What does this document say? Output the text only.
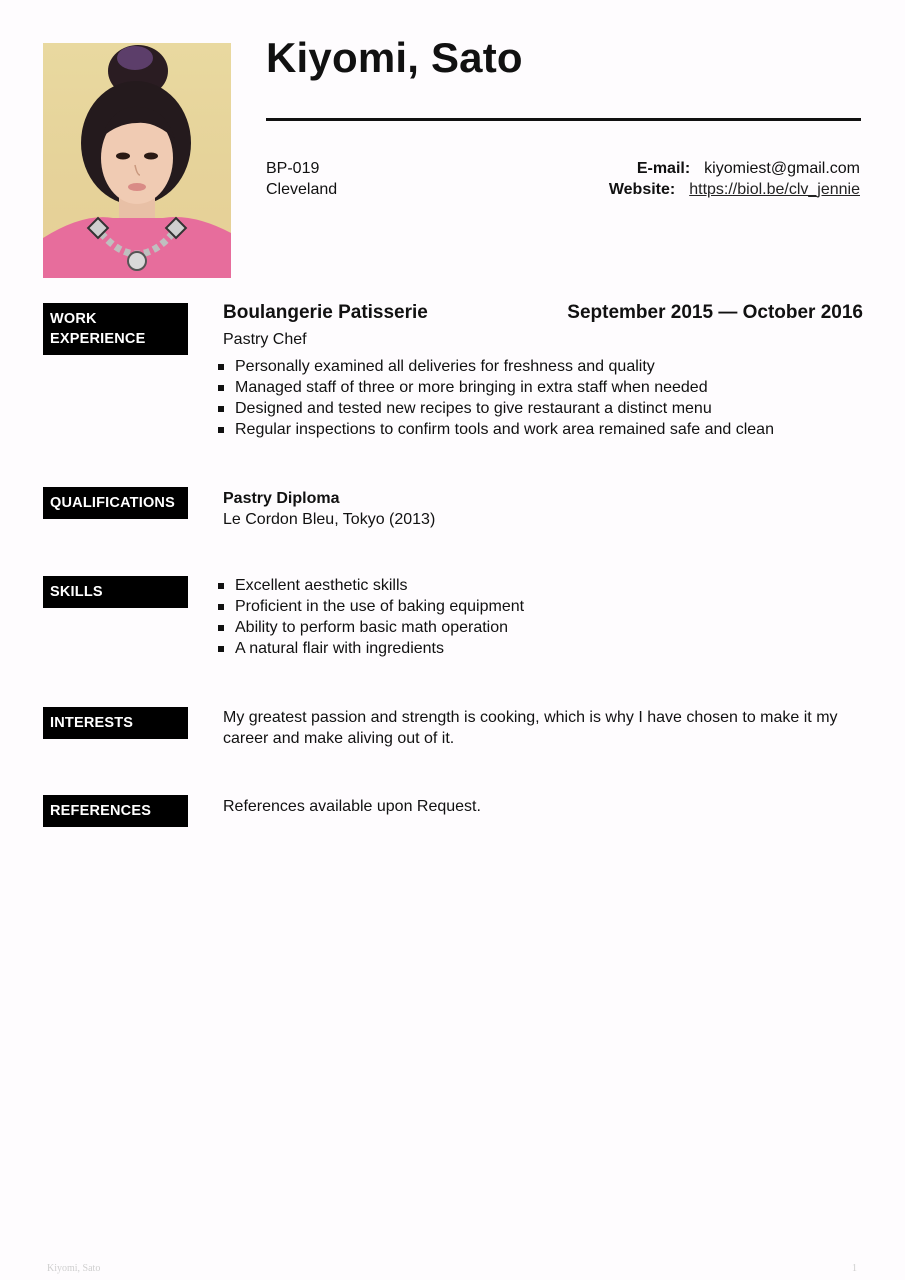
Kiyomi, Sato
BP-019
Cleveland
E-mail: kiyomiest@gmail.com
Website: https://biol.be/clv_jennie
WORK EXPERIENCE
Boulangerie Patisserie	September 2015 — October 2016
Pastry Chef
Personally examined all deliveries for freshness and quality
Managed staff of three or more bringing in extra staff when needed
Designed and tested new recipes to give restaurant a distinct menu
Regular inspections to confirm tools and work area remained safe and clean
QUALIFICATIONS	Pastry Diploma
Le Cordon Bleu, Tokyo (2013)
SKILLS	Excellent aesthetic skills
Proficient in the use of baking equipment
Ability to perform basic math operation
A natural flair with ingredients
INTERESTS	My greatest passion and strength is cooking, which is why I have chosen to make it my career and make aliving out of it.
REFERENCES	References available upon Request.
Kiyomi, Sato	1
